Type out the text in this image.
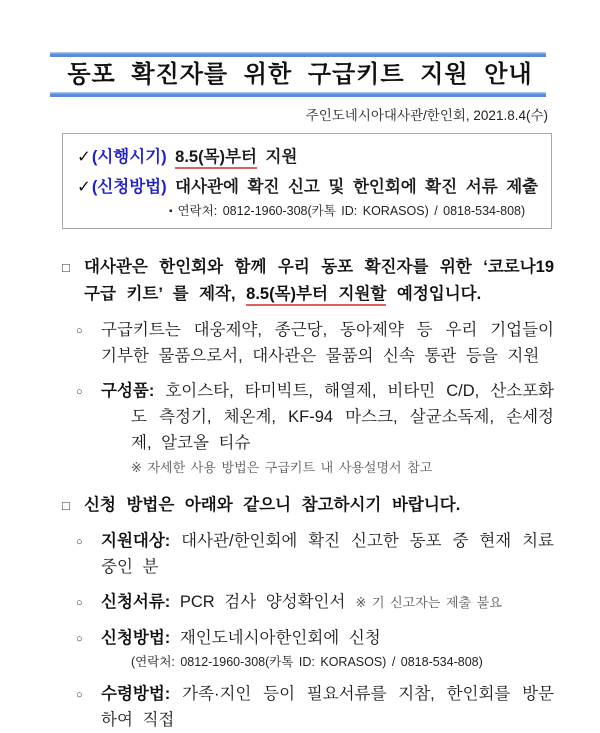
동포 확진자를 위한 구급키트 지원 안내
주인도네시아대사관/한인회, 2021.8.4(수)
✓(시행시기) 8.5(목)부터 지원
✓(신청방법) 대사관에 확진 신고 및 한인회에 확진 서류 제출
▪ 연락처: 0812-1960-308(카톡 ID: KORASOS) / 0818-534-808)
□ 대사관은 한인회와 함께 우리 동포 확진자를 위한 ‘코로나19 구급 키트’ 를 제작, 8.5(목)부터 지원할 예정입니다.

○	구급키트는 대웅제약, 종근당, 동아제약 등 우리 기업들이 기부한 물품으로서, 대사관은 물품의 신속 통관 등을 지원

○	구성품: 호이스타, 타미빅트, 해열제, 비타민 C/D, 산소포화도 측정기, 체온계, KF-94 마스크, 살균소독제, 손세정제, 알코올 티슈

※ 자세한 사용 방법은 구급키트 내 사용설명서 참고

□ 신청 방법은 아래와 같으니 참고하시기 바랍니다.

○	지원대상: 대사관/한인회에 확진 신고한 동포 중 현재 치료중인 분

○	신청서류: PCR 검사 양성확인서 ※ 기 신고자는 제출 불요

○	신청방법: 재인도네시아한인회에 신청

(연락처: 0812-1960-308(카톡 ID: KORASOS) / 0818-534-808)

○	수령방법: 가족·지인 등이 필요서류를 지참, 한인회를 방문하여 직접
